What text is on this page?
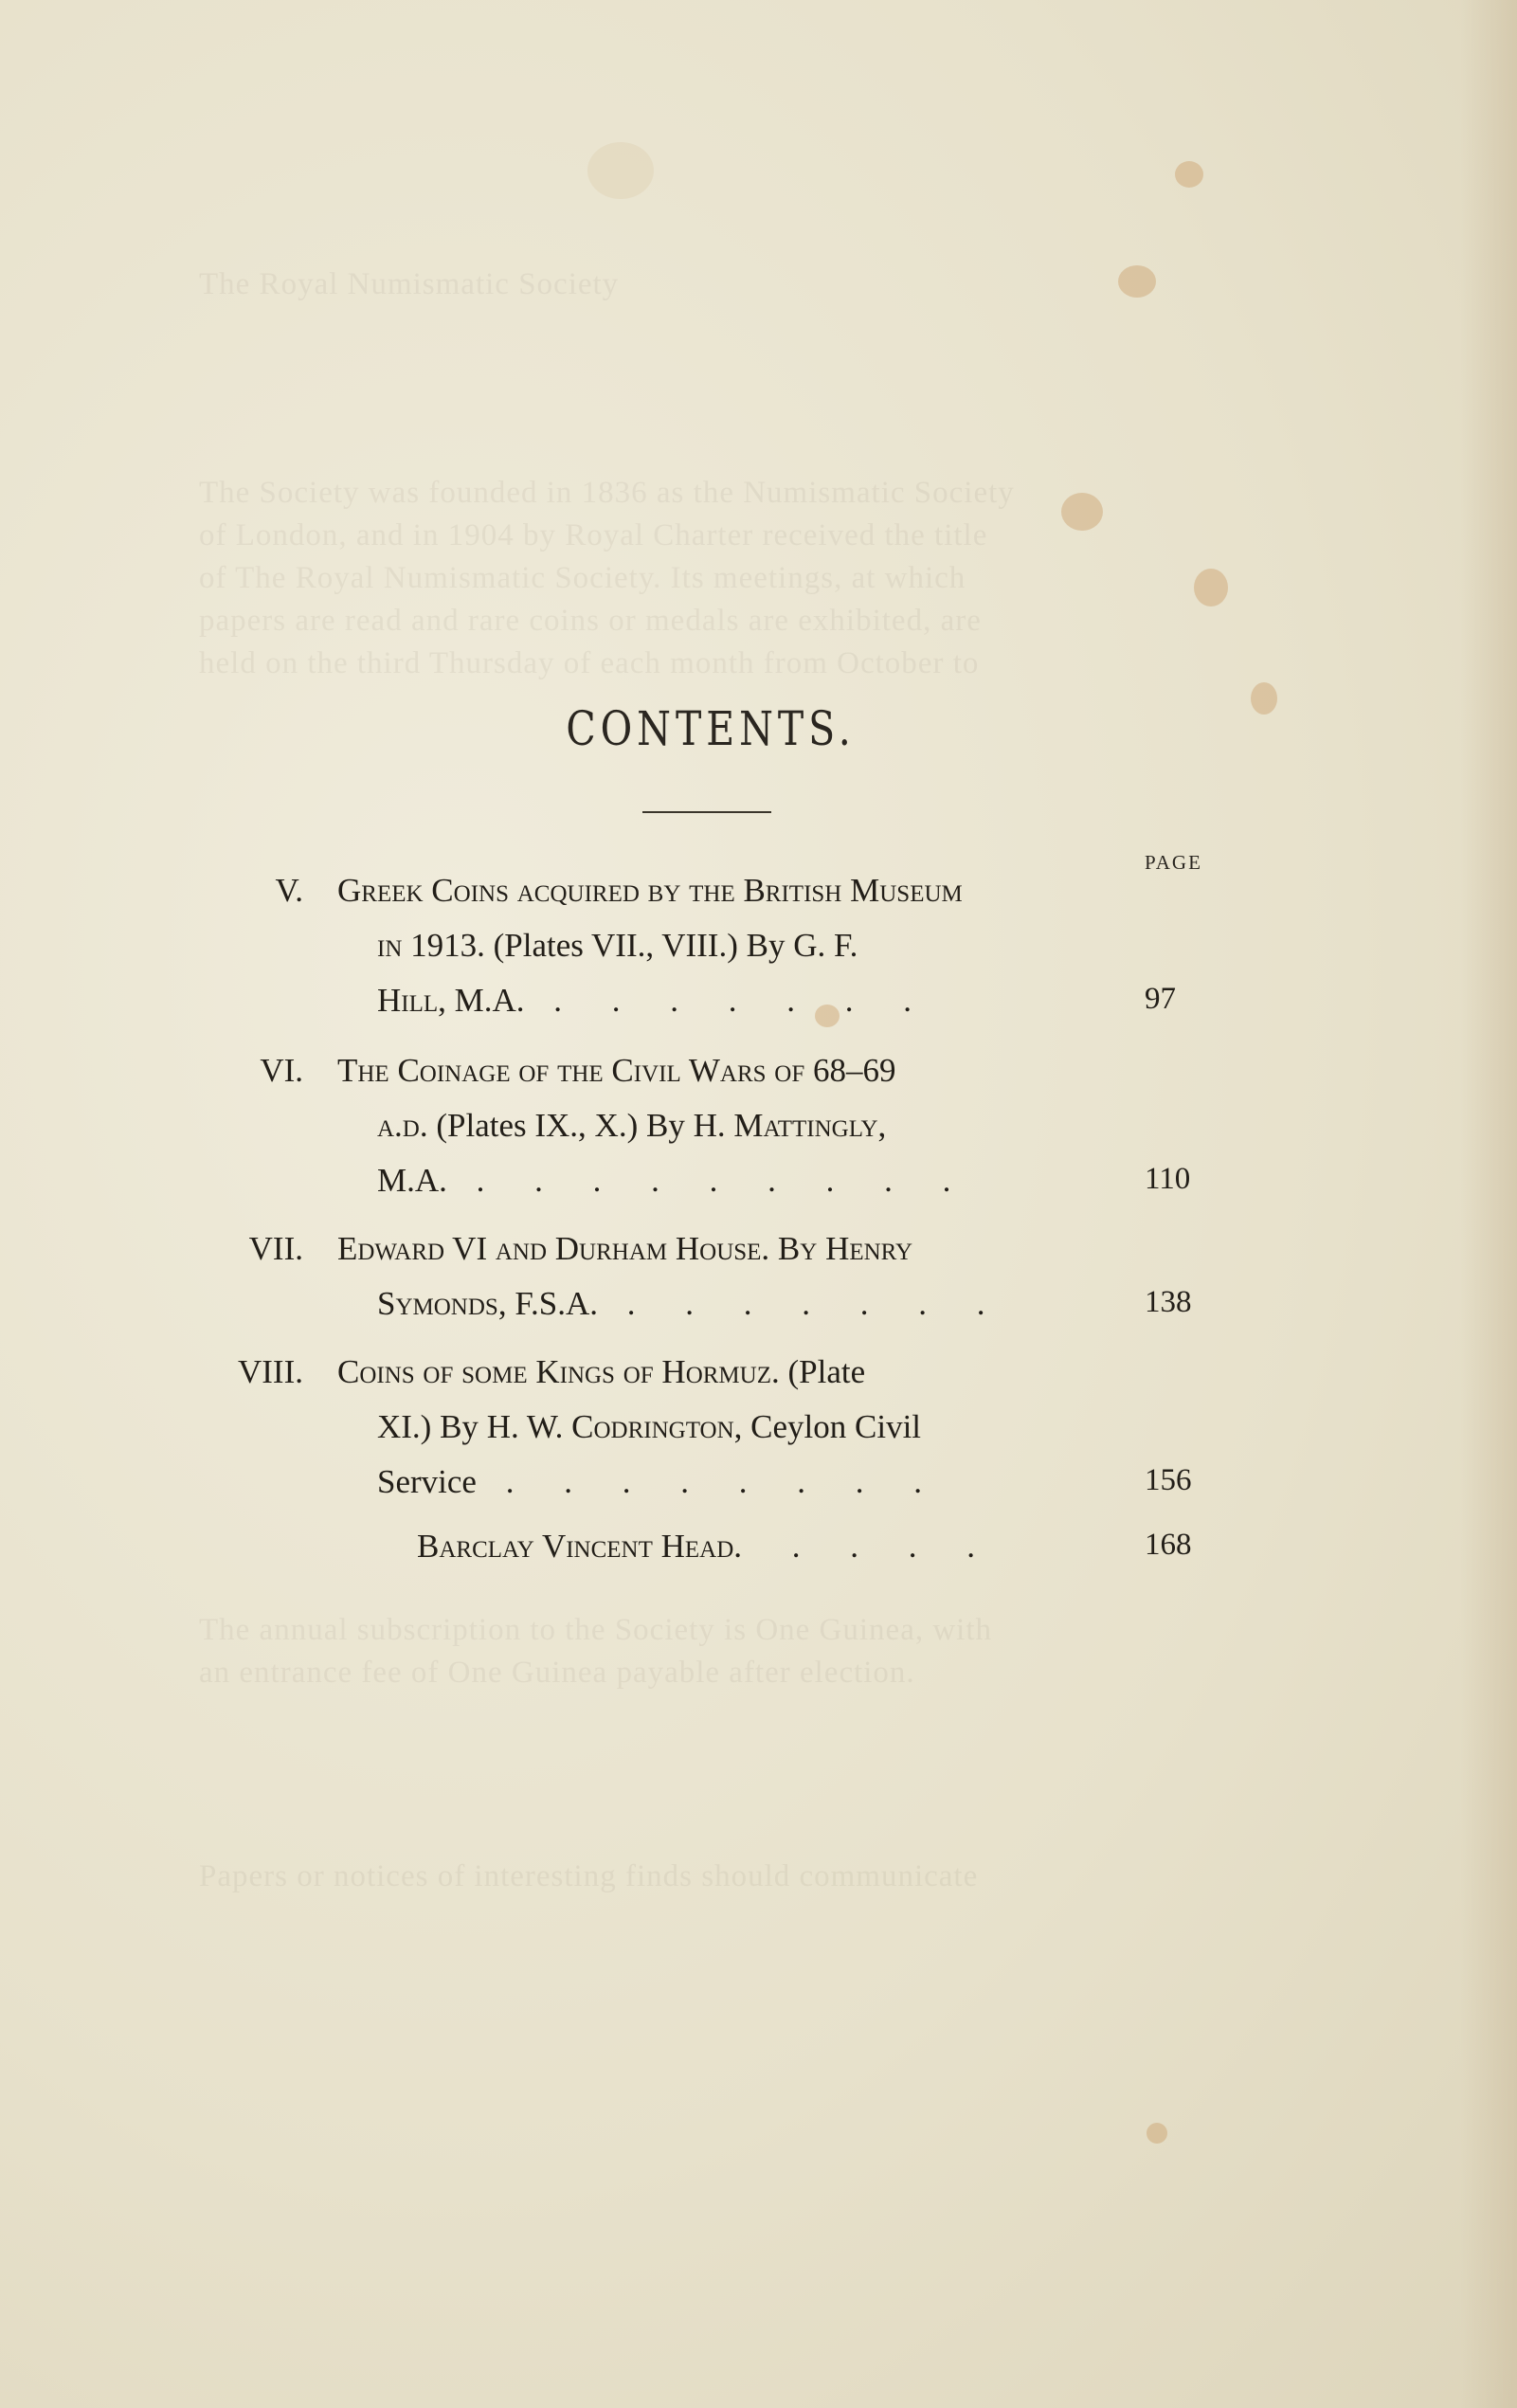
The Royal Numismatic Society
The Society was founded in 1836 as the Numismatic Society
of London, and in 1904 by Royal Charter received the title
of The Royal Numismatic Society. Its meetings, at which
papers are read and rare coins or medals are exhibited, are
held on the third Thursday of each month from October to
The annual subscription to the Society is One Guinea, with
an entrance fee of One Guinea payable after election.
Papers or notices of interesting finds should communicate
CONTENTS.
PAGE
V. Greek Coins acquired by the British Museum
in 1913. (Plates VII., VIII.) By G. F.
Hill, M.A. . . . . . . .	97
VI. The Coinage of the Civil Wars of 68–69
a.d. (Plates IX., X.) By H. Mattingly,
M.A. . . . . . . . . .	110
VII. Edward VI and Durham House. By Henry
Symonds, F.S.A. . . . . . . .	138
VIII. Coins of some Kings of Hormuz. (Plate
XI.) By H. W. Codrington, Ceylon Civil
Service . . . . . . . .	156
Barclay Vincent Head. . . . .	168
